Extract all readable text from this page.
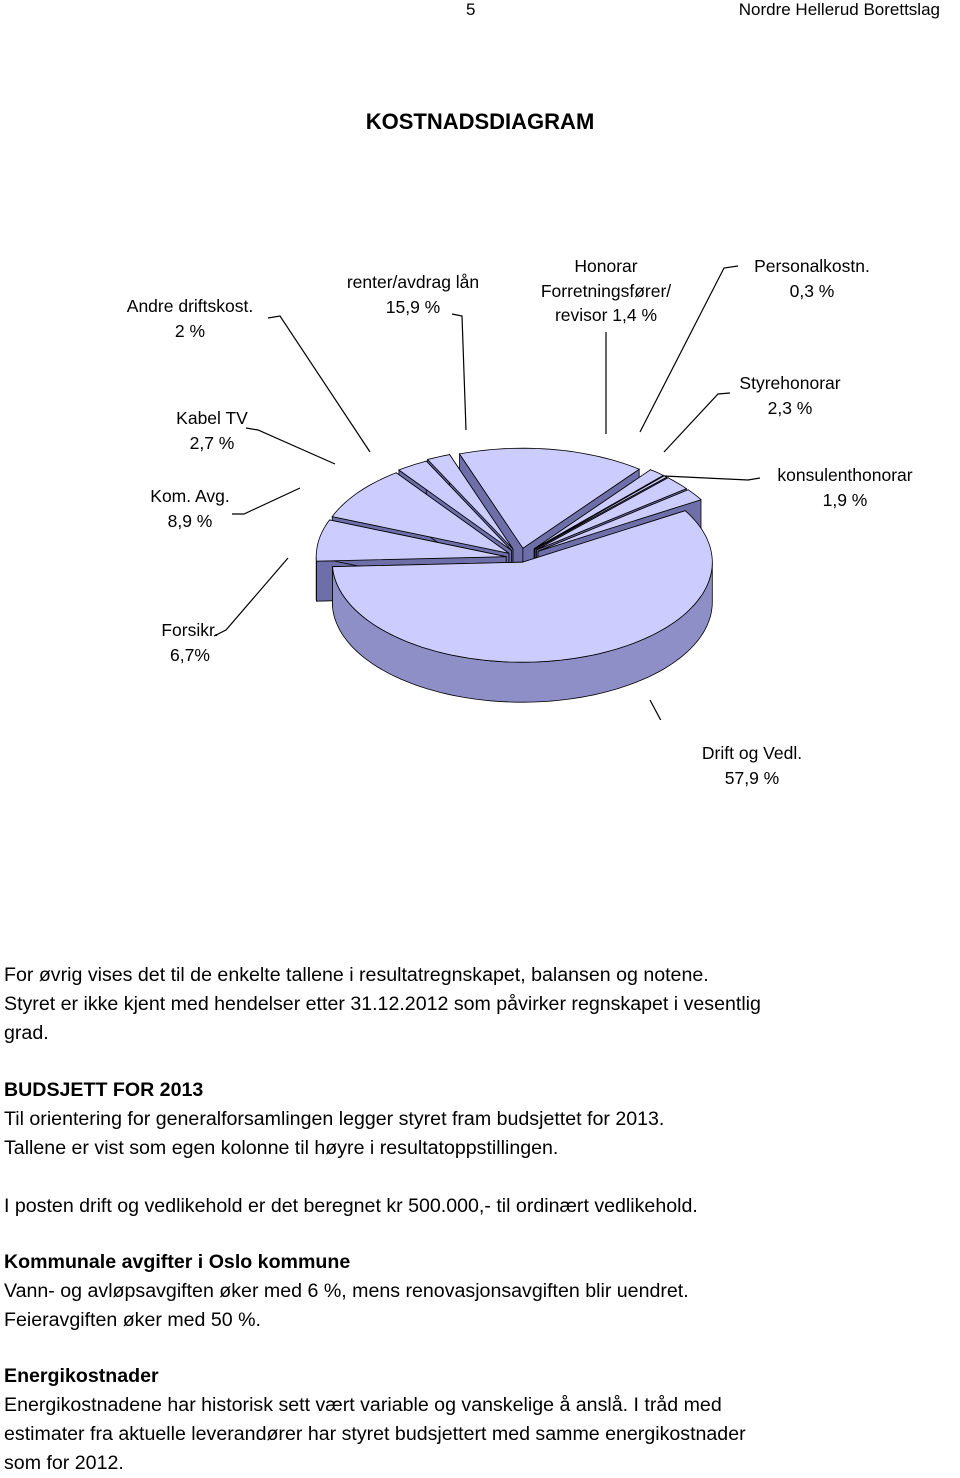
5	Nordre Hellerud Borettslag
KOSTNADSDIAGRAM
Andre driftskost.
2 %
renter/avdrag lån
15,9 %
Honorar
Forretningsfører/
revisor 1,4 %
Personalkostn.
0,3 %
Styrehonorar
2,3 %
Kabel TV
2,7 %
konsulenthonorar
1,9 %
Kom. Avg.
8,9 %
Forsikr.
6,7%
Drift og Vedl.
57,9 %
For øvrig vises det til de enkelte tallene i resultatregnskapet, balansen og notene.
Styret er ikke kjent med hendelser etter 31.12.2012 som påvirker regnskapet i vesentlig
grad.
BUDSJETT FOR 2013
Til orientering for generalforsamlingen legger styret fram budsjettet for 2013.
Tallene er vist som egen kolonne til høyre i resultatoppstillingen.
I posten drift og vedlikehold er det beregnet kr 500.000,- til ordinært vedlikehold.
Kommunale avgifter i Oslo kommune
Vann- og avløpsavgiften øker med 6 %, mens renovasjonsavgiften blir uendret.
Feieravgiften øker med 50 %.
Energikostnader
Energikostnadene har historisk sett vært variable og vanskelige å anslå. I tråd med
estimater fra aktuelle leverandører har styret budsjettert med samme energikostnader
som for 2012.
